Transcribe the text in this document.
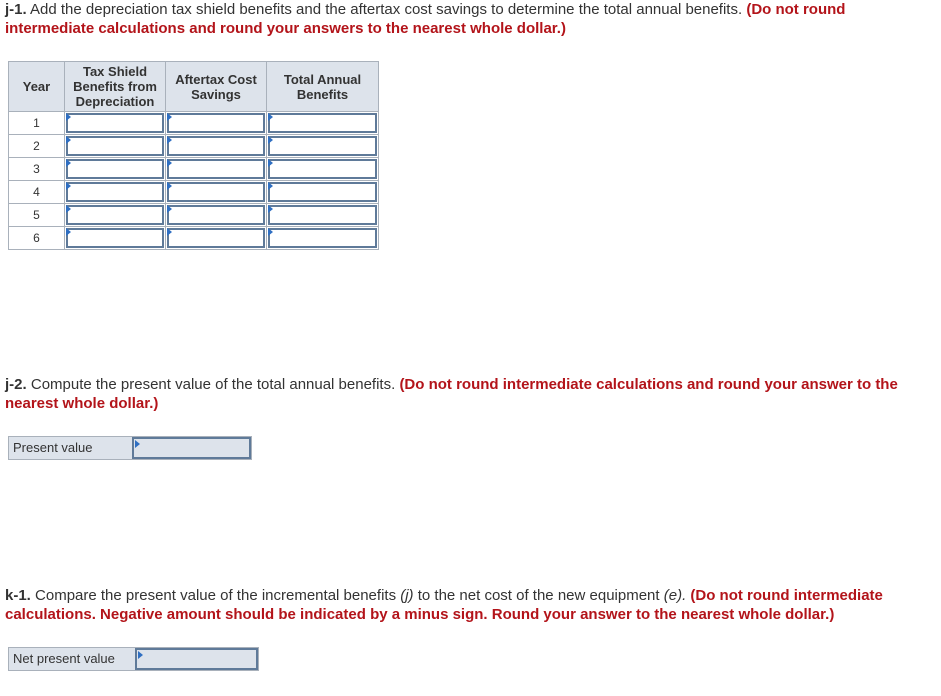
j-1. Add the depreciation tax shield benefits and the aftertax cost savings to determine the total annual benefits. (Do not round intermediate calculations and round your answers to the nearest whole dollar.)

Year	Tax Shield Benefits from Depreciation	Aftertax Cost Savings	Total Annual Benefits
1	

2	

3	

4	

5	

6	

j-2. Compute the present value of the total annual benefits. (Do not round intermediate calculations and round your answer to the nearest whole dollar.)

Present value

k-1. Compare the present value of the incremental benefits (j) to the net cost of the new equipment (e). (Do not round intermediate calculations. Negative amount should be indicated by a minus sign. Round your answer to the nearest whole dollar.)

Net present value
